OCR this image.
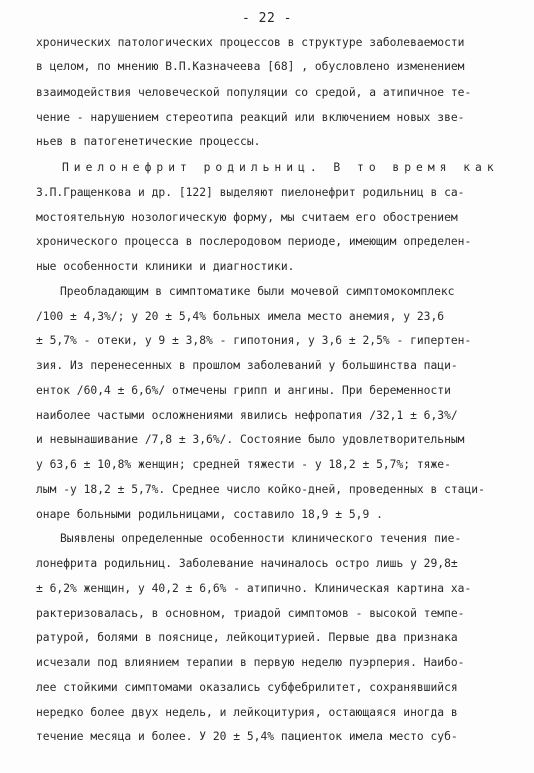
- 22 -
хронических патологических процессов в структуре заболеваемости
в целом, по мнению В.П.Казначеева [68] , обусловлено изменением
взаимодействия человеческой популяции со средой, а атипичное те-
чение - нарушением стереотипа реакций или включением новых зве-
ньев в патогенетические процессы.
Пиелонефрит родильниц. В то время как
З.П.Гращенкова и др. [122] выделяют пиелонефрит родильниц в са-
мостоятельную нозологическую форму, мы считаем его обострением
хронического процесса в послеродовом периоде, имеющим определен-
ные особенности клиники и диагностики.
Преобладающим в симптоматике были мочевой симптомокомплекс
/100 ± 4,3%/; у 20 ± 5,4% больных имела место анемия, у 23,6
± 5,7% - отеки, у 9 ± 3,8% - гипотония, у 3,6 ± 2,5% - гипертен-
зия. Из перенесенных в прошлом заболеваний у большинства паци-
енток /60,4 ± 6,6%/ отмечены грипп и ангины. При беременности
наиболее частыми осложнениями явились нефропатия /32,1 ± 6,3%/
и невынашивание /7,8 ± 3,6%/. Состояние было удовлетворительным
у 63,6 ± 10,8% женщин; средней тяжести - у 18,2 ± 5,7%; тяже-
лым -у 18,2 ± 5,7%. Среднее число койко-дней, проведенных в стаци-
онаре больными родильницами, составило 18,9 ± 5,9 .
Выявлены определенные особенности клинического течения пие-
лонефрита родильниц. Заболевание начиналось остро лишь у 29,8±
± 6,2% женщин, у 40,2 ± 6,6% - атипично. Клиническая картина ха-
рактеризовалась, в основном, триадой симптомов - высокой темпе-
ратурой, болями в пояснице, лейкоцитурией. Первые два признака
исчезали под влиянием терапии в первую неделю пуэрперия. Наибо-
лее стойкими симптомами оказались субфебрилитет, сохранявшийся
нередко более двух недель, и лейкоцитурия, остающаяся иногда в
течение месяца и более. У 20 ± 5,4% пациенток имела место суб-
